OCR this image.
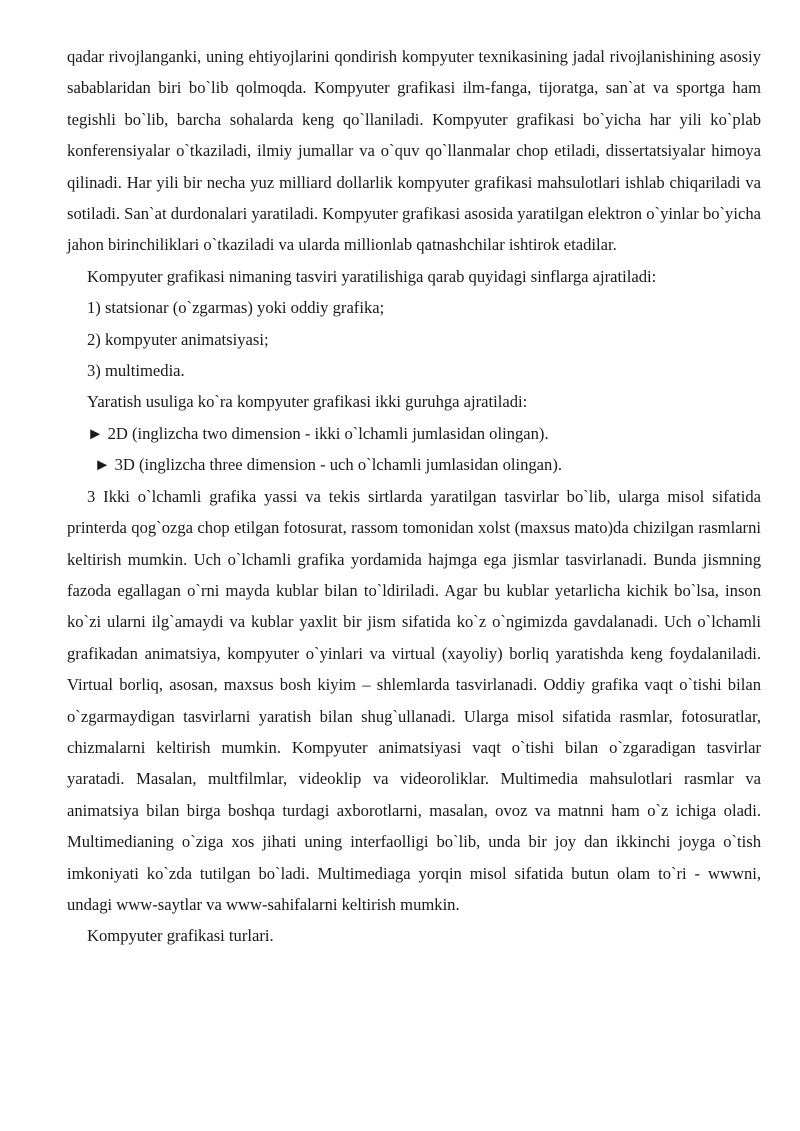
qadar rivojlanganki, uning ehtiyojlarini qondirish kompyuter texnikasining jadal rivojlanishining asosiy sabablaridan biri bo`lib qolmoqda. Kompyuter grafikasi ilm-fanga, tijoratga, san`at va sportga ham tegishli bo`lib, barcha sohalarda keng qo`llaniladi. Kompyuter grafikasi bo`yicha har yili ko`plab konferensiyalar o`tkaziladi, ilmiy jumallar va o`quv qo`llanmalar chop etiladi, dissertatsiyalar himoya qilinadi. Har yili bir necha yuz milliard dollarlik kompyuter grafikasi mahsulotlari ishlab chiqariladi va sotiladi. San`at durdonalari yaratiladi. Kompyuter grafikasi asosida yaratilgan elektron o`yinlar bo`yicha jahon birinchiliklari o`tkaziladi va ularda millionlab qatnashchilar ishtirok etadilar.

Kompyuter grafikasi nimaning tasviri yaratilishiga qarab quyidagi sinflarga ajratiladi:

1) statsionar (o`zgarmas) yoki oddiy grafika;

2) kompyuter animatsiyasi;

3) multimedia.

Yaratish usuliga ko`ra kompyuter grafikasi ikki guruhga ajratiladi:

► 2D (inglizcha two dimension - ikki o`lchamli jumlasidan olingan).

► 3D (inglizcha three dimension - uch o`lchamli jumlasidan olingan).

3 Ikki o`lchamli grafika yassi va tekis sirtlarda yaratilgan tasvirlar bo`lib, ularga misol sifatida printerda qog`ozga chop etilgan fotosurat, rassom tomonidan xolst (maxsus mato)da chizilgan rasmlarni keltirish mumkin. Uch o`lchamli grafika yordamida hajmga ega jismlar tasvirlanadi. Bunda jismning fazoda egallagan o`rni mayda kublar bilan to`ldiriladi. Agar bu kublar yetarlicha kichik bo`lsa, inson ko`zi ularni ilg`amaydi va kublar yaxlit bir jism sifatida ko`z o`ngimizda gavdalanadi. Uch o`lchamli grafikadan animatsiya, kompyuter o`yinlari va virtual (xayoliy) borliq yaratishda keng foydalaniladi. Virtual borliq, asosan, maxsus bosh kiyim – shlemlarda tasvirlanadi. Oddiy grafika vaqt o`tishi bilan o`zgarmaydigan tasvirlarni yaratish bilan shug`ullanadi. Ularga misol sifatida rasmlar, fotosuratlar, chizmalarni keltirish mumkin. Kompyuter animatsiyasi vaqt o`tishi bilan o`zgaradigan tasvirlar yaratadi. Masalan, multfilmlar, videoklip va videoroliklar. Multimedia mahsulotlari rasmlar va animatsiya bilan birga boshqa turdagi axborotlarni, masalan, ovoz va matnni ham o`z ichiga oladi. Multimedianing o`ziga xos jihati uning interfaolligi bo`lib, unda bir joy dan ikkinchi joyga o`tish imkoniyati ko`zda tutilgan bo`ladi. Multimediaga yorqin misol sifatida butun olam to`ri - wwwni, undagi www-saytlar va www-sahifalarni keltirish mumkin.

Kompyuter grafikasi turlari.
